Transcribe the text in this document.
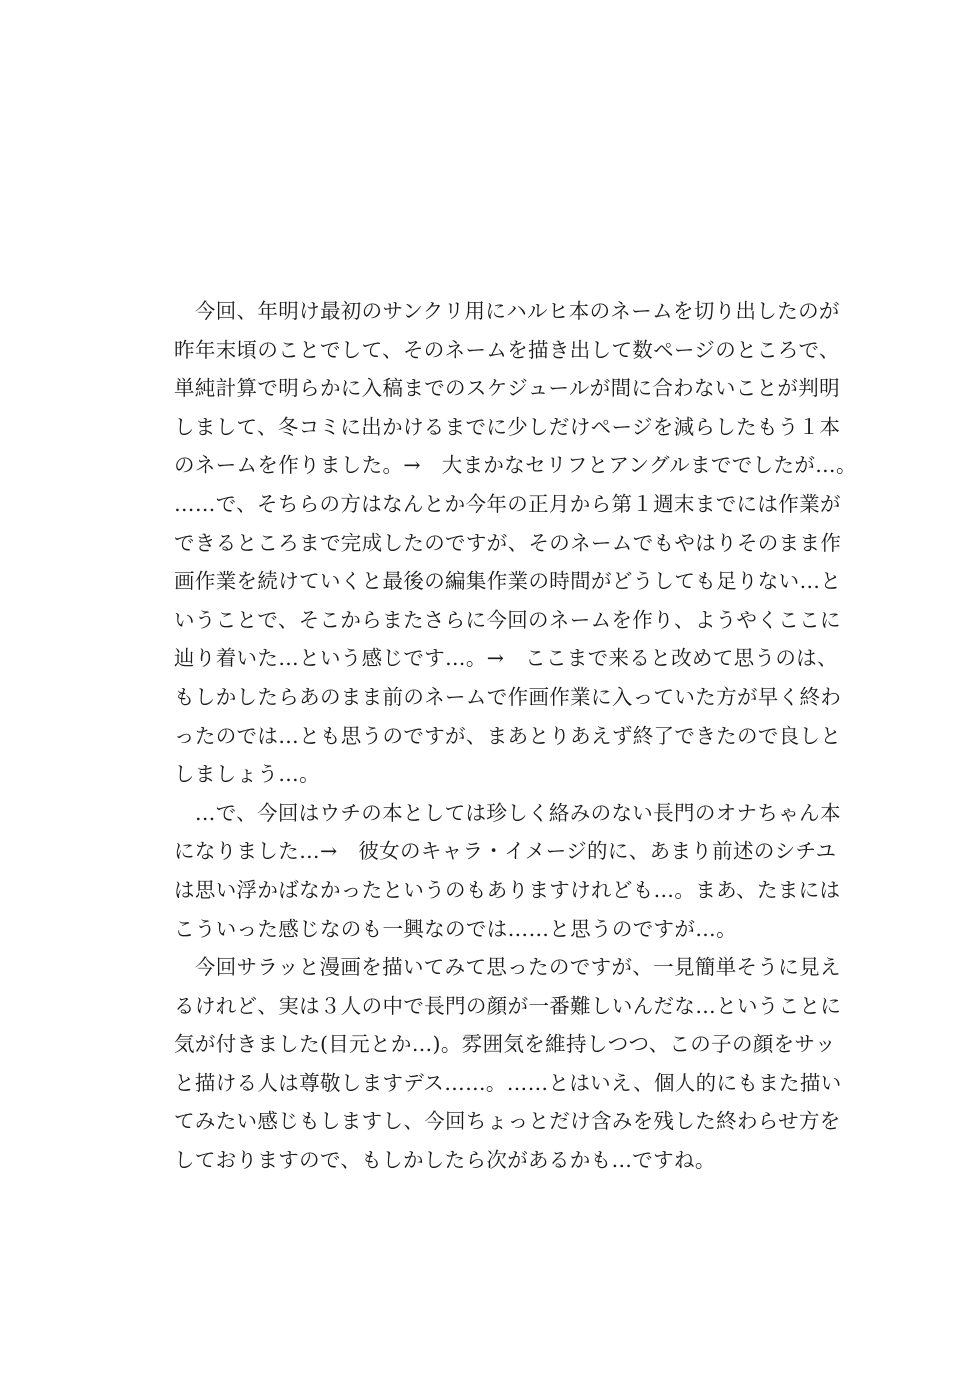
　今回、年明け最初のサンクリ用にハルヒ本のネームを切り出したのが
昨年末頃のことでして、そのネームを描き出して数ページのところで、
単純計算で明らかに入稿までのスケジュールが間に合わないことが判明
しまして、冬コミに出かけるまでに少しだけページを減らしたもう１本
のネームを作りました。→　大まかなセリフとアングルまででしたが…。
……で、そちらの方はなんとか今年の正月から第１週末までには作業が
できるところまで完成したのですが、そのネームでもやはりそのまま作
画作業を続けていくと最後の編集作業の時間がどうしても足りない…と
いうことで、そこからまたさらに今回のネームを作り、ようやくここに
辿り着いた…という感じです…。→　ここまで来ると改めて思うのは、
もしかしたらあのまま前のネームで作画作業に入っていた方が早く終わ
ったのでは…とも思うのですが、まあとりあえず終了できたので良しと
しましょう…。
　…で、今回はウチの本としては珍しく絡みのない長門のオナちゃん本
になりました…→　彼女のキャラ・イメージ的に、あまり前述のシチユ
は思い浮かばなかったというのもありますけれども…。まあ、たまには
こういった感じなのも一興なのでは……と思うのですが…。
　今回サラッと漫画を描いてみて思ったのですが、一見簡単そうに見え
るけれど、実は３人の中で長門の顔が一番難しいんだな…ということに
気が付きました(目元とか…)。雰囲気を維持しつつ、この子の顔をサッ
と描ける人は尊敬しますデス……。……とはいえ、個人的にもまた描い
てみたい感じもしますし、今回ちょっとだけ含みを残した終わらせ方を
しておりますので、もしかしたら次があるかも…ですね。
